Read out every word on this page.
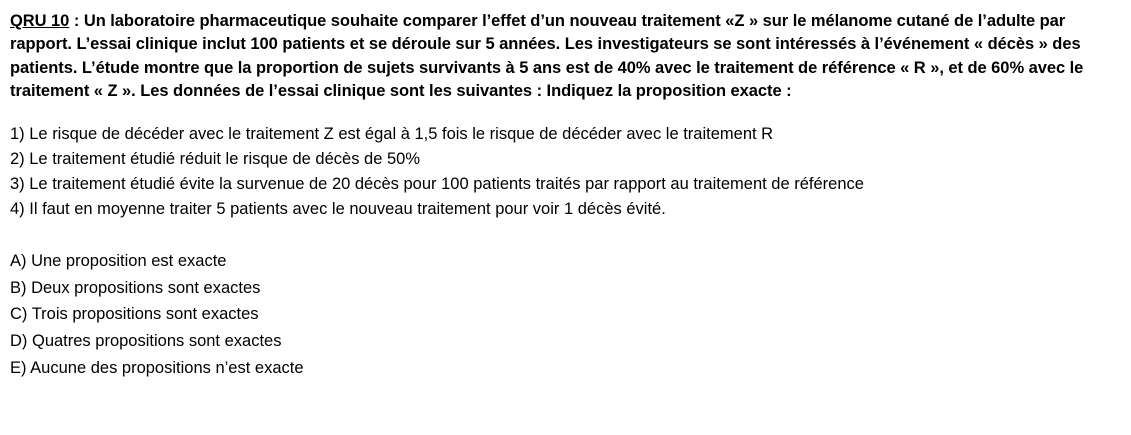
QRU 10 : Un laboratoire pharmaceutique souhaite comparer l’effet d’un nouveau traitement «Z » sur le mélanome cutané de l’adulte par rapport. L’essai clinique inclut 100 patients et se déroule sur 5 années. Les investigateurs se sont intéressés à l’événement « décès » des patients. L’étude montre que la proportion de sujets survivants à 5 ans est de 40% avec le traitement de référence « R », et de 60% avec le traitement « Z ». Les données de l’essai clinique sont les suivantes : Indiquez la proposition exacte :

1) Le risque de décéder avec le traitement Z est égal à 1,5 fois le risque de décéder avec le traitement R
2) Le traitement étudié réduit le risque de décès de 50%
3) Le traitement étudié évite la survenue de 20 décès pour 100 patients traités par rapport au traitement de référence
4) Il faut en moyenne traiter 5 patients avec le nouveau traitement pour voir 1 décès évité.
A) Une proposition est exacte
B) Deux propositions sont exactes
C) Trois propositions sont exactes
D) Quatres propositions sont exactes
E) Aucune des propositions n’est exacte
